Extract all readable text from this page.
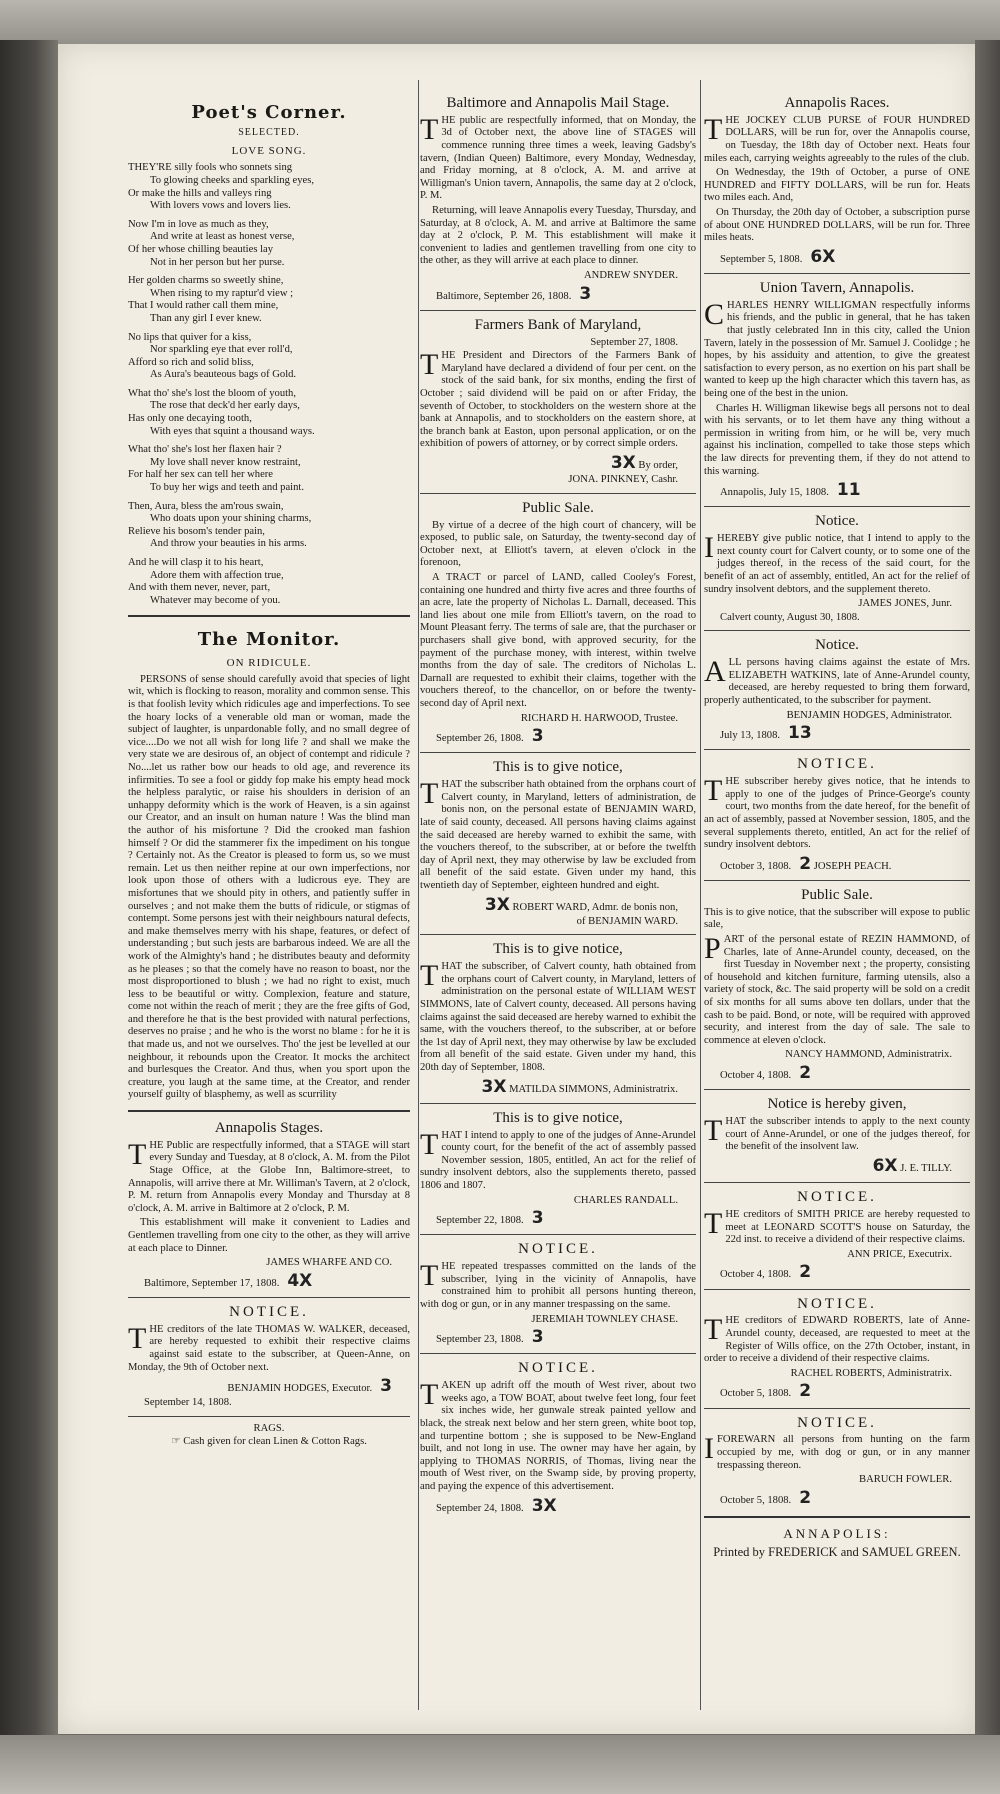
Poet's Corner.
SELECTED.
LOVE SONG.

THEY'RE silly fools who sonnets sing

To glowing cheeks and sparkling eyes,

Or make the hills and valleys ring

With lovers vows and lovers lies.

Now I'm in love as much as they,

And write at least as honest verse,

Of her whose chilling beauties lay

Not in her person but her purse.

Her golden charms so sweetly shine,

When rising to my raptur'd view ;

That I would rather call them mine,

Than any girl I ever knew.

No lips that quiver for a kiss,

Nor sparkling eye that ever roll'd,

Afford so rich and solid bliss,

As Aura's beauteous bags of Gold.

What tho' she's lost the bloom of youth,

The rose that deck'd her early days,

Has only one decaying tooth,

With eyes that squint a thousand ways.

What tho' she's lost her flaxen hair ?

My love shall never know restraint,

For half her sex can tell her where

To buy her wigs and teeth and paint.

Then, Aura, bless the am'rous swain,

Who doats upon your shining charms,

Relieve his bosom's tender pain,

And throw your beauties in his arms.

And he will clasp it to his heart,

Adore them with affection true,

And with them never, never, part,

Whatever may become of you.

The Monitor.
ON RIDICULE.

PERSONS of sense should carefully avoid that species of light wit, which is flocking to reason, morality and common sense. This is that foolish levity which ridicules age and imperfections. To see the hoary locks of a venerable old man or woman, made the subject of laughter, is unpardonable folly, and no small degree of vice....Do we not all wish for long life ? and shall we make the very state we are desirous of, an object of contempt and ridicule ? No....let us rather bow our heads to old age, and reverence its infirmities. To see a fool or giddy fop make his empty head mock the helpless paralytic, or raise his shoulders in derision of an unhappy deformity which is the work of Heaven, is a sin against our Creator, and an insult on human nature ! Was the blind man the author of his misfortune ? Did the crooked man fashion himself ? Or did the stammerer fix the impediment on his tongue ? Certainly not. As the Creator is pleased to form us, so we must remain. Let us then neither repine at our own imperfections, nor look upon those of others with a ludicrous eye. They are misfortunes that we should pity in others, and patiently suffer in ourselves ; and not make them the butts of ridicule, or stigmas of contempt. Some persons jest with their neighbours natural defects, and make themselves merry with his shape, features, or defect of understanding ; but such jests are barbarous indeed. We are all the work of the Almighty's hand ; he distributes beauty and deformity as he pleases ; so that the comely have no reason to boast, nor the most disproportioned to blush ; we had no right to exist, much less to be beautiful or witty. Complexion, feature and stature, come not within the reach of merit ; they are the free gifts of God, and therefore he that is the best provided with natural perfections, deserves no praise ; and he who is the worst no blame : for he it is that made us, and not we ourselves. Tho' the jest be levelled at our neighbour, it rebounds upon the Creator. It mocks the architect and burlesques the Creator. And thus, when you sport upon the creature, you laugh at the same time, at the Creator, and render yourself guilty of blasphemy, as well as scurrility

Annapolis Stages.

THE Public are respectfully informed, that a STAGE will start every Sunday and Tuesday, at 8 o'clock, A. M. from the Pilot Stage Office, at the Globe Inn, Baltimore-street, to Annapolis, will arrive there at Mr. Williman's Tavern, at 2 o'clock, P. M. return from Annapolis every Monday and Thursday at 8 o'clock, A. M. arrive in Baltimore at 2 o'clock, P. M.

This establishment will make it convenient to Ladies and Gentlemen travelling from one city to the other, as they will arrive at each place to Dinner.

JAMES WHARFE AND CO.
Baltimore, September 17, 1808. 4X
NOTICE.

THE creditors of the late THOMAS W. WALKER, deceased, are hereby requested to exhibit their respective claims against said estate to the subscriber, at Queen-Anne, on Monday, the 9th of October next.

BENJAMIN HODGES, Executor. 3
September 14, 1808.
RAGS.
☞ Cash given for clean Linen & Cotton Rags.
Baltimore and Annapolis Mail Stage.

THE public are respectfully informed, that on Monday, the 3d of October next, the above line of STAGES will commence running three times a week, leaving Gadsby's tavern, (Indian Queen) Baltimore, every Monday, Wednesday, and Friday morning, at 8 o'clock, A. M. and arrive at Willigman's Union tavern, Annapolis, the same day at 2 o'clock, P. M.

Returning, will leave Annapolis every Tuesday, Thursday, and Saturday, at 8 o'clock, A. M. and arrive at Baltimore the same day at 2 o'clock, P. M. This establishment will make it convenient to ladies and gentlemen travelling from one city to the other, as they will arrive at each place to dinner.

ANDREW SNYDER.
Baltimore, September 26, 1808. 3
Farmers Bank of Maryland,
September 27, 1808.

THE President and Directors of the Farmers Bank of Maryland have declared a dividend of four per cent. on the stock of the said bank, for six months, ending the first of October ; said dividend will be paid on or after Friday, the seventh of October, to stockholders on the western shore at the bank at Annapolis, and to stockholders on the eastern shore, at the branch bank at Easton, upon personal application, or on the exhibition of powers of attorney, or by correct simple orders.

3X By order,
JONA. PINKNEY, Cashr.
Public Sale.

By virtue of a decree of the high court of chancery, will be exposed, to public sale, on Saturday, the twenty-second day of October next, at Elliott's tavern, at eleven o'clock in the forenoon,

A TRACT or parcel of LAND, called Cooley's Forest, containing one hundred and thirty five acres and three fourths of an acre, late the property of Nicholas L. Darnall, deceased. This land lies about one mile from Elliott's tavern, on the road to Mount Pleasant ferry. The terms of sale are, that the purchaser or purchasers shall give bond, with approved security, for the payment of the purchase money, with interest, within twelve months from the day of sale. The creditors of Nicholas L. Darnall are requested to exhibit their claims, together with the vouchers thereof, to the chancellor, on or before the twenty-second day of April next.

RICHARD H. HARWOOD, Trustee.
September 26, 1808. 3
This is to give notice,

THAT the subscriber hath obtained from the orphans court of Calvert county, in Maryland, letters of administration, de bonis non, on the personal estate of BENJAMIN WARD, late of said county, deceased. All persons having claims against the said deceased are hereby warned to exhibit the same, with the vouchers thereof, to the subscriber, at or before the twelfth day of April next, they may otherwise by law be excluded from all benefit of the said estate. Given under my hand, this twentieth day of September, eighteen hundred and eight.

3X ROBERT WARD, Admr. de bonis non,
of BENJAMIN WARD.
This is to give notice,

THAT the subscriber, of Calvert county, hath obtained from the orphans court of Calvert county, in Maryland, letters of administration on the personal estate of WILLIAM WEST SIMMONS, late of Calvert county, deceased. All persons having claims against the said deceased are hereby warned to exhibit the same, with the vouchers thereof, to the subscriber, at or before the 1st day of April next, they may otherwise by law be excluded from all benefit of the said estate. Given under my hand, this 20th day of September, 1808.

3X MATILDA SIMMONS, Administratrix.
This is to give notice,

THAT I intend to apply to one of the judges of Anne-Arundel county court, for the benefit of the act of assembly passed November session, 1805, entitled, An act for the relief of sundry insolvent debtors, also the supplements thereto, passed 1806 and 1807.

CHARLES RANDALL.
September 22, 1808. 3
NOTICE.

THE repeated trespasses committed on the lands of the subscriber, lying in the vicinity of Annapolis, have constrained him to prohibit all persons hunting thereon, with dog or gun, or in any manner trespassing on the same.

JEREMIAH TOWNLEY CHASE.
September 23, 1808. 3
NOTICE.

TAKEN up adrift off the mouth of West river, about two weeks ago, a TOW BOAT, about twelve feet long, four feet six inches wide, her gunwale streak painted yellow and black, the streak next below and her stern green, white boot top, and turpentine bottom ; she is supposed to be New-England built, and not long in use. The owner may have her again, by applying to THOMAS NORRIS, of Thomas, living near the mouth of West river, on the Swamp side, by proving property, and paying the expence of this advertisement.

September 24, 1808. 3X
Annapolis Races.

THE JOCKEY CLUB PURSE of FOUR HUNDRED DOLLARS, will be run for, over the Annapolis course, on Tuesday, the 18th day of October next. Heats four miles each, carrying weights agreeably to the rules of the club.

On Wednesday, the 19th of October, a purse of ONE HUNDRED and FIFTY DOLLARS, will be run for. Heats two miles each. And,

On Thursday, the 20th day of October, a subscription purse of about ONE HUNDRED DOLLARS, will be run for. Three miles heats.

September 5, 1808. 6X
Union Tavern, Annapolis.

CHARLES HENRY WILLIGMAN respectfully informs his friends, and the public in general, that he has taken that justly celebrated Inn in this city, called the Union Tavern, lately in the possession of Mr. Samuel J. Coolidge ; he hopes, by his assiduity and attention, to give the greatest satisfaction to every person, as no exertion on his part shall be wanted to keep up the high character which this tavern has, as being one of the best in the union.

Charles H. Willigman likewise begs all persons not to deal with his servants, or to let them have any thing without a permission in writing from him, or he will be, very much against his inclination, compelled to take those steps which the law directs for preventing them, if they do not attend to this warning.

Annapolis, July 15, 1808. 11
Notice.

IHEREBY give public notice, that I intend to apply to the next county court for Calvert county, or to some one of the judges thereof, in the recess of the said court, for the benefit of an act of assembly, entitled, An act for the relief of sundry insolvent debtors, and the supplement thereto.

JAMES JONES, Junr.
Calvert county, August 30, 1808.
Notice.

ALL persons having claims against the estate of Mrs. ELIZABETH WATKINS, late of Anne-Arundel county, deceased, are hereby requested to bring them forward, properly authenticated, to the subscriber for payment.

BENJAMIN HODGES, Administrator.
July 13, 1808. 13
NOTICE.

THE subscriber hereby gives notice, that he intends to apply to one of the judges of Prince-George's county court, two months from the date hereof, for the benefit of an act of assembly, passed at November session, 1805, and the several supplements thereto, entitled, An act for the relief of sundry insolvent debtors.

October 3, 1808. 2 JOSEPH PEACH.
Public Sale.

This is to give notice, that the subscriber will expose to public sale,

PART of the personal estate of REZIN HAMMOND, of Charles, late of Anne-Arundel county, deceased, on the first Tuesday in November next ; the property, consisting of household and kitchen furniture, farming utensils, also a variety of stock, &c. The said property will be sold on a credit of six months for all sums above ten dollars, under that the cash to be paid. Bond, or note, will be required with approved security, and interest from the day of sale. The sale to commence at eleven o'clock.

NANCY HAMMOND, Administratrix.
October 4, 1808. 2
Notice is hereby given,

THAT the subscriber intends to apply to the next county court of Anne-Arundel, or one of the judges thereof, for the benefit of the insolvent law.

6X J. E. TILLY.
NOTICE.

THE creditors of SMITH PRICE are hereby requested to meet at LEONARD SCOTT'S house on Saturday, the 22d inst. to receive a dividend of their respective claims.

ANN PRICE, Executrix.
October 4, 1808. 2
NOTICE.

THE creditors of EDWARD ROBERTS, late of Anne-Arundel county, deceased, are requested to meet at the Register of Wills office, on the 27th October, instant, in order to receive a dividend of their respective claims.

RACHEL ROBERTS, Administratrix.
October 5, 1808. 2
NOTICE.

IFOREWARN all persons from hunting on the farm occupied by me, with dog or gun, or in any manner trespassing thereon.

BARUCH FOWLER.
October 5, 1808. 2
ANNAPOLIS:
Printed by FREDERICK and SAMUEL GREEN.
